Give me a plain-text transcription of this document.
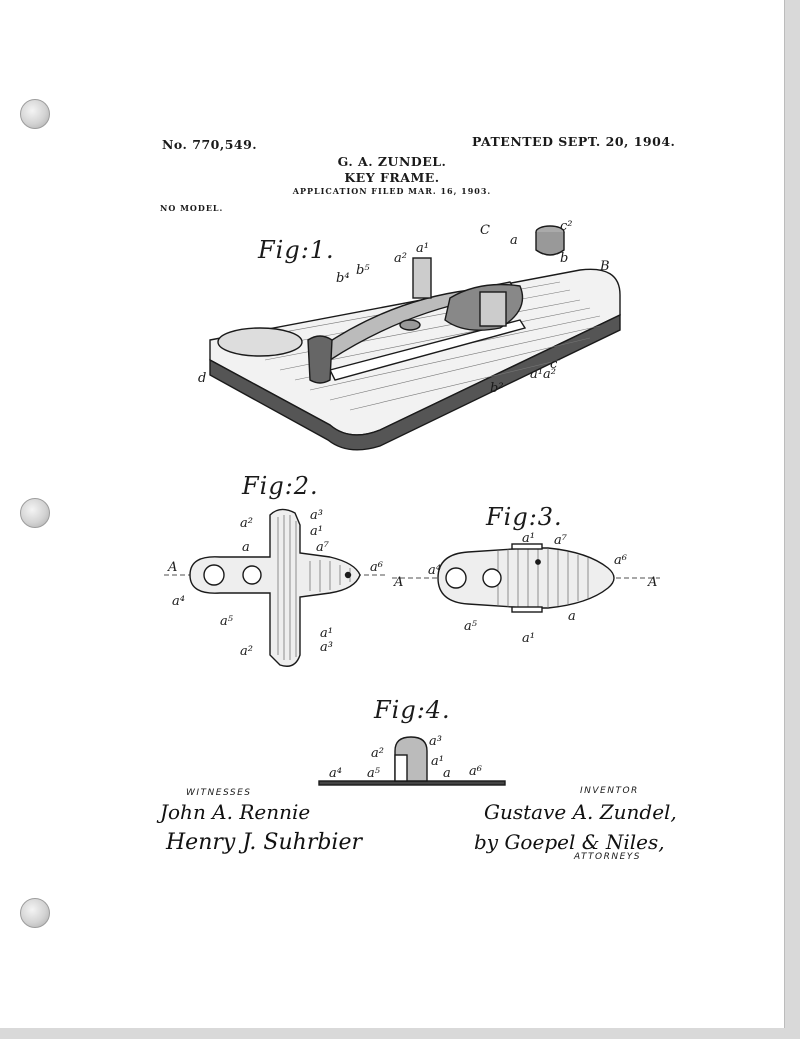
No. 770,549.	PATENTED SEPT. 20, 1904.
G. A. ZUNDEL.
KEY FRAME.
APPLICATION FILED MAR. 16, 1903.
NO MODEL.
Fig:1.
B
C
a
c²
b
b⁴
b⁵
a²
a¹
c
a¹a²
d
b²
Fig:2.
A
a⁴
a²
a³
a¹
a	a⁷
a⁶
a⁵
a¹
a²	a³
Fig:3.
A
a⁴
a¹ a⁷
a⁶
A
a⁵
a¹
a
Fig:4.
a⁴ a⁵
a²
a³
a¹
a a⁶
WITNESSES	INVENTOR
John A. Rennie
Henry J. Suhrbier
Gustave A. Zundel,
by Goepel & Niles,
ATTORNEYS
